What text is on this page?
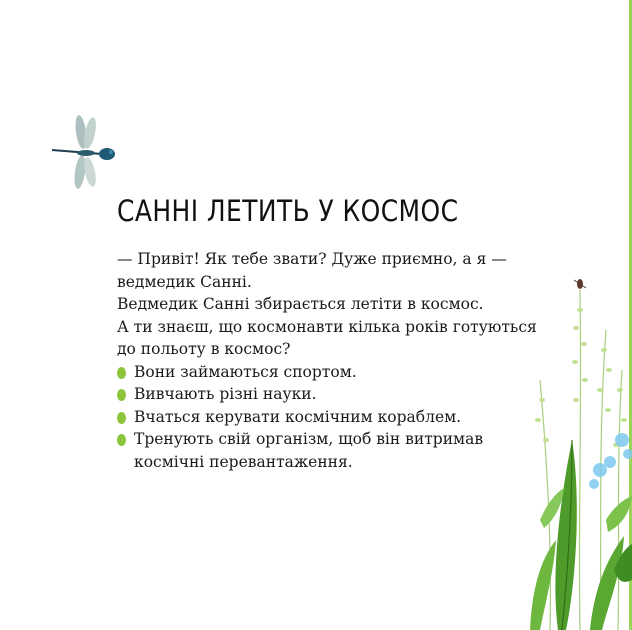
САННІ ЛЕТИТЬ У КОСМОС

— Привіт! Як тебе звати? Дуже приємно, а я — ведмедик Санні.

Ведмедик Санні збирається летіти в космос.

А ти знаєш, що космонавти кілька років готуються до польоту в космос?

Вони займаються спортом.
Вивчають різні науки.
Вчаться керувати космічним кораблем.
Тренують свій організм, щоб він витримав космічні перевантаження.
